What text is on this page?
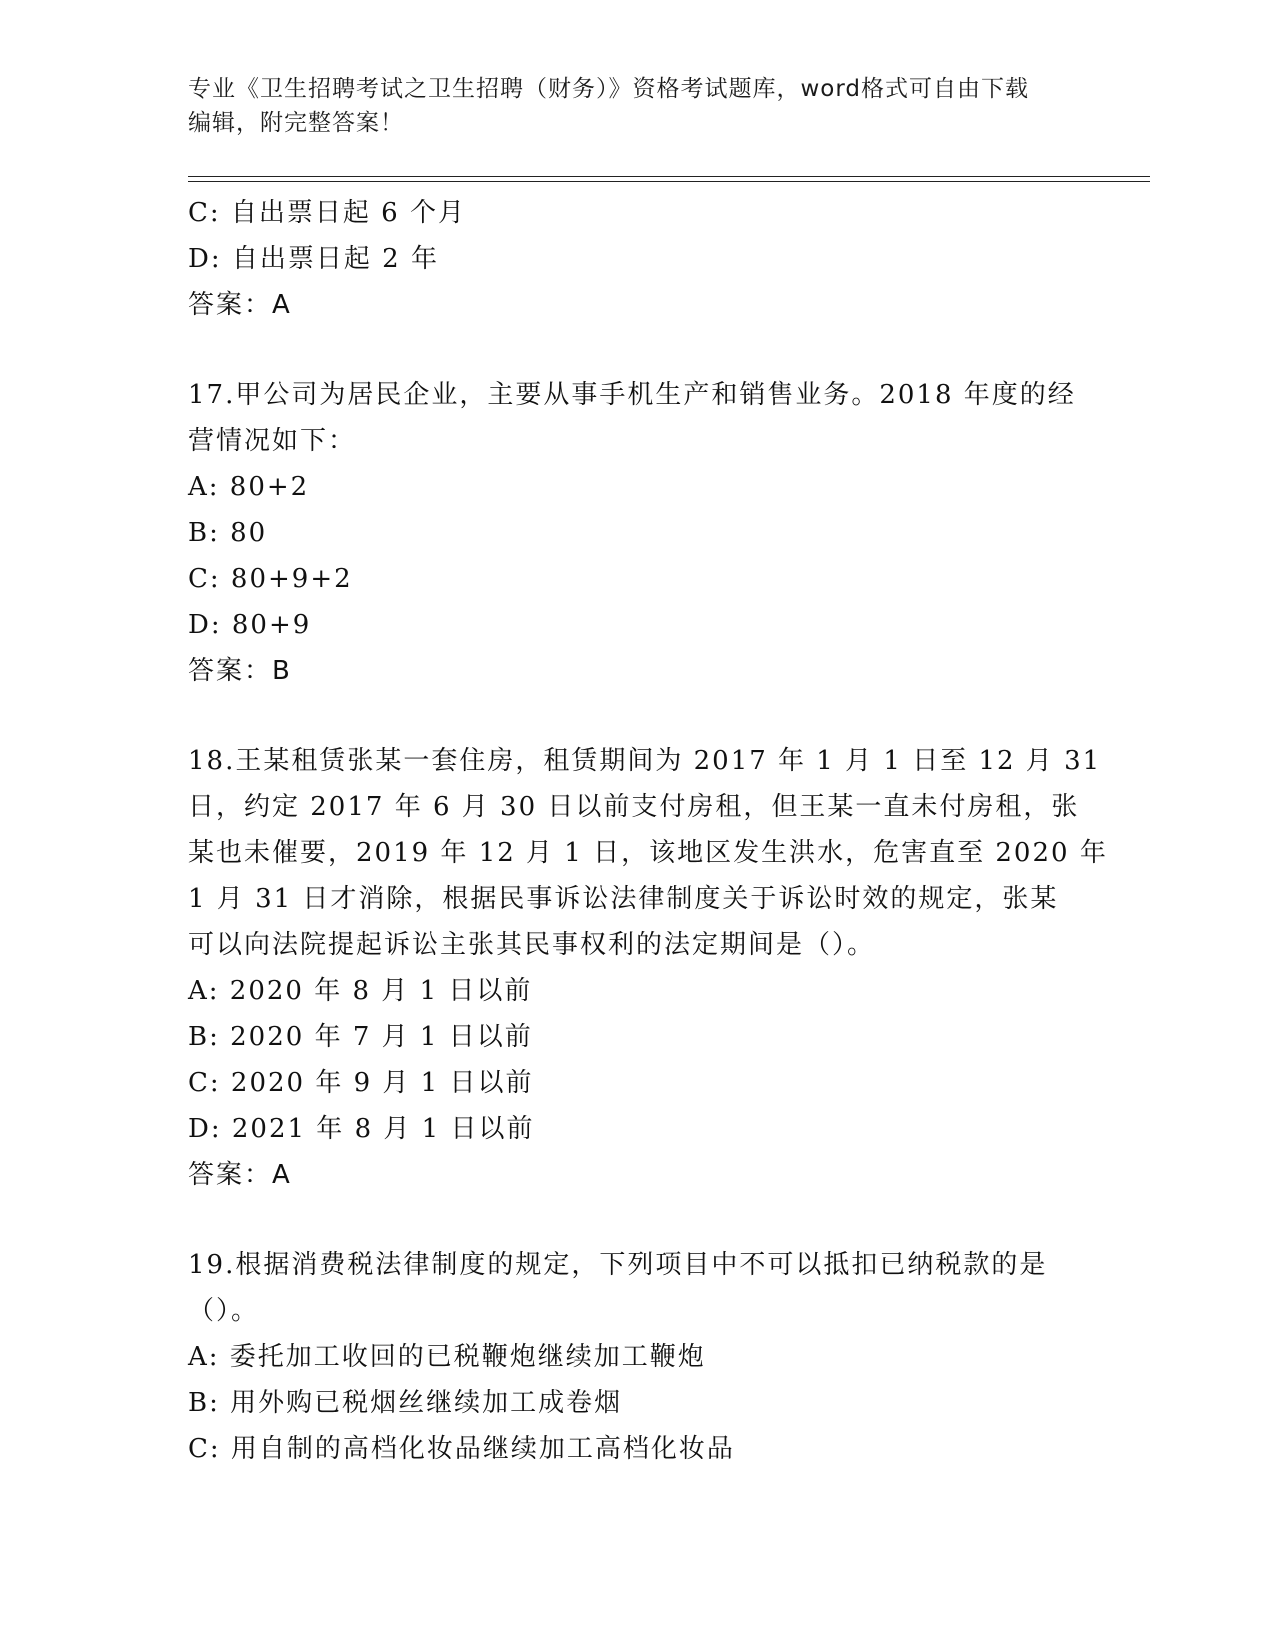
专业《卫生招聘考试之卫生招聘（财务）》资格考试题库，word格式可自由下载
编辑，附完整答案！
C: 自出票日起 6 个月
D: 自出票日起 2 年
答案：A
17.甲公司为居民企业，主要从事手机生产和销售业务。2018 年度的经
营情况如下：
A: 80+2
B: 80
C: 80+9+2
D: 80+9
答案：B
18.王某租赁张某一套住房，租赁期间为 2017 年 1 月 1 日至 12 月 31
日，约定 2017 年 6 月 30 日以前支付房租，但王某一直未付房租，张
某也未催要，2019 年 12 月 1 日，该地区发生洪水，危害直至 2020 年
1 月 31 日才消除，根据民事诉讼法律制度关于诉讼时效的规定，张某
可以向法院提起诉讼主张其民事权利的法定期间是（）。
A: 2020 年 8 月 1 日以前
B: 2020 年 7 月 1 日以前
C: 2020 年 9 月 1 日以前
D: 2021 年 8 月 1 日以前
答案：A
19.根据消费税法律制度的规定，下列项目中不可以抵扣已纳税款的是
（）。
A: 委托加工收回的已税鞭炮继续加工鞭炮
B: 用外购已税烟丝继续加工成卷烟
C: 用自制的高档化妆品继续加工高档化妆品
